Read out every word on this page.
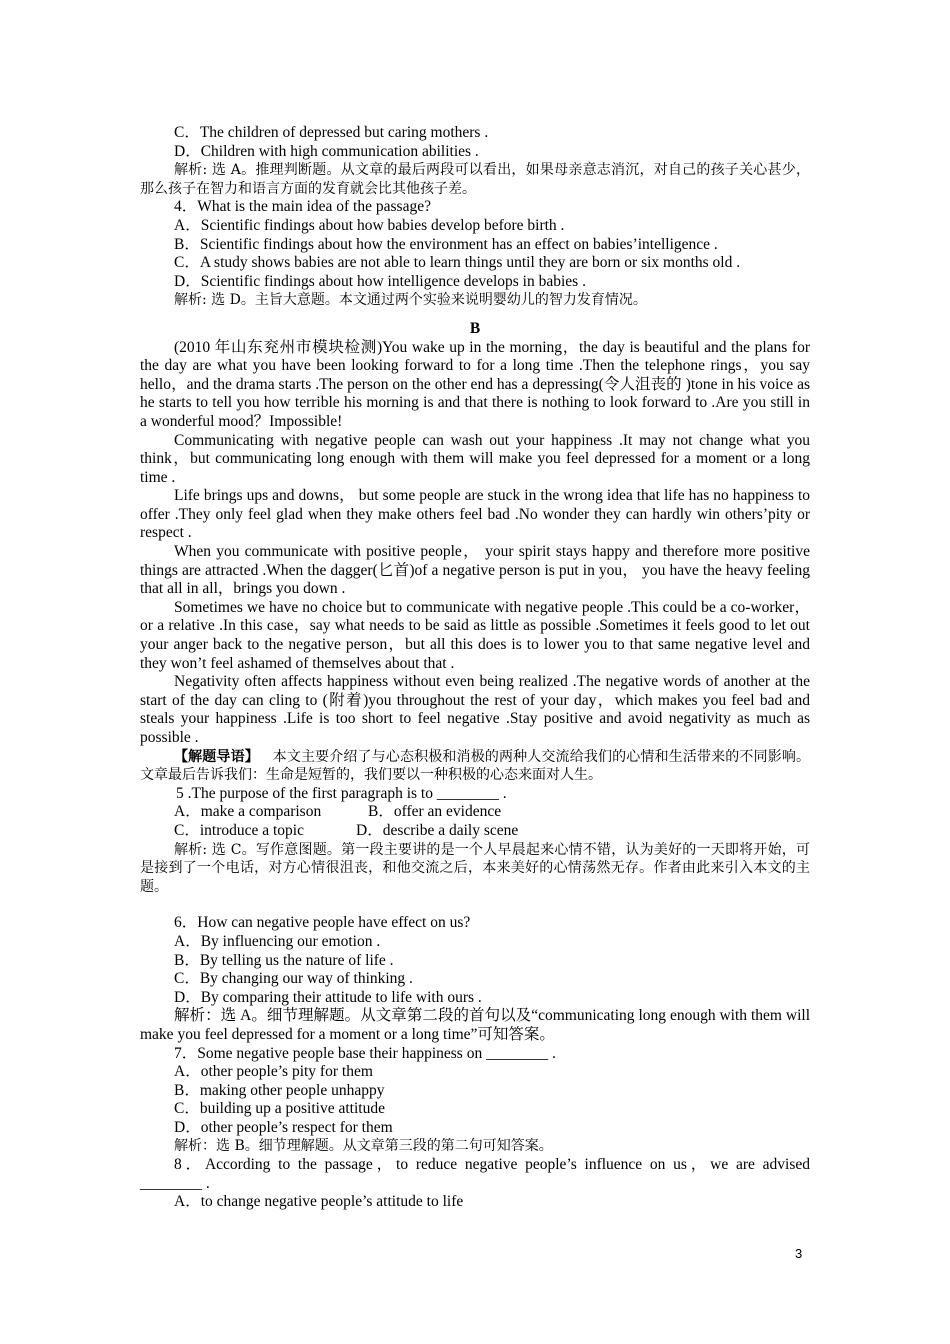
C．The children of depressed but caring mothers .

D．Children with high communication abilities .

解析: 选 A。推理判断题。从文章的最后两段可以看出，如果母亲意志消沉，对自己的孩子关心甚少，那么孩子在智力和语言方面的发育就会比其他孩子差。

4．What is the main idea of the passage?

A．Scientific findings about how babies develop before birth .

B．Scientific findings about how the environment has an effect on babies’intelligence .

C．A study shows babies are not able to learn things until they are born or six months old .

D．Scientific findings about how intelligence develops in babies .

解析: 选 D。主旨大意题。本文通过两个实验来说明婴幼儿的智力发育情况。

B

(2010 年山东兖州市模块检测)You wake up in the morning，the day is beautiful and the plans for the day are what you have been looking forward to for a long time .Then the telephone rings，you say hello，and the drama starts .The person on the other end has a depressing(令人沮丧的 )tone in his voice as he starts to tell you how terrible his morning is and that there is nothing to look forward to .Are you still in a wonderful mood？Impossible!

Communicating with negative people can wash out your happiness .It may not change what you think，but communicating long enough with them will make you feel depressed for a moment or a long time .

Life brings ups and downs， but some people are stuck in the wrong idea that life has no happiness to offer .They only feel glad when they make others feel bad .No wonder they can hardly win others’pity or respect .

When you communicate with positive people， your spirit stays happy and therefore more positive things are attracted .When the dagger(匕首)of a negative person is put in you， you have the heavy feeling that all in all，brings you down .

Sometimes we have no choice but to communicate with negative people .This could be a co-worker，or a relative .In this case，say what needs to be said as little as possible .Sometimes it feels good to let out your anger back to the negative person，but all this does is to lower you to that same negative level and they won’t feel ashamed of themselves about that .

Negativity often affects happiness without even being realized .The negative words of another at the start of the day can cling to (附着)you throughout the rest of your day，which makes you feel bad and steals your happiness .Life is too short to feel negative .Stay positive and avoid negativity as much as possible .

【解题导语】 本文主要介绍了与心态积极和消极的两种人交流给我们的心情和生活带来的不同影响。文章最后告诉我们：生命是短暂的，我们要以一种积极的心态来面对人生。

5 .The purpose of the first paragraph is to ________ .

A．make a comparison	B．offer an evidence

C．introduce a topic	D．describe a daily scene

解析: 选 C。写作意图题。第一段主要讲的是一个人早晨起来心情不错，认为美好的一天即将开始，可是接到了一个电话，对方心情很沮丧，和他交流之后，本来美好的心情荡然无存。作者由此来引入本文的主题。

6．How can negative people have effect on us?

A．By influencing our emotion .

B．By telling us the nature of life .

C．By changing our way of thinking .

D．By comparing their attitude to life with ours .

解析：选 A。细节理解题。从文章第二段的首句以及“communicating long enough with them will make you feel depressed for a moment or a long time”可知答案。

7．Some negative people base their happiness on ________ .

A．other people’s pity for them

B．making other people unhappy

C．building up a positive attitude

D．other people’s respect for them

解析：选 B。细节理解题。从文章第三段的第二句可知答案。

8．According to the passage，to reduce negative people’s influence on us，we are advised ________ .

A．to change negative people’s attitude to life

3
